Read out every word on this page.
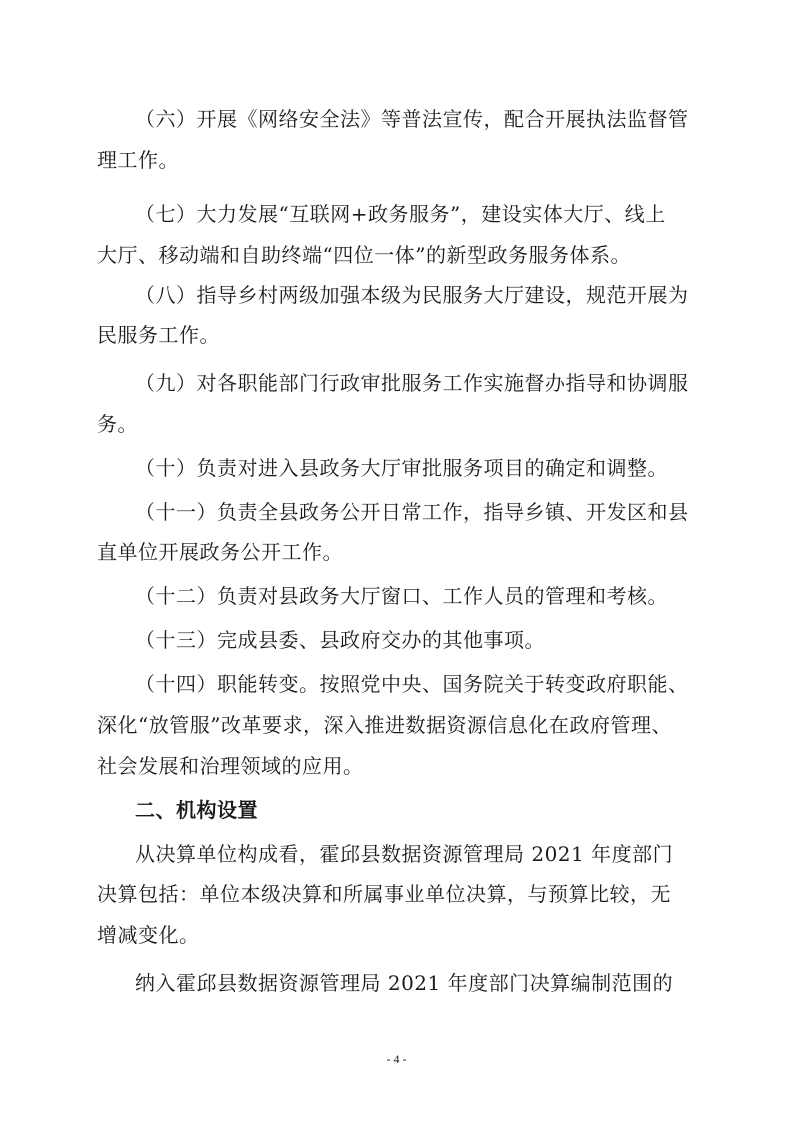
（六）开展《网络安全法》等普法宣传，配合开展执法监督管
理工作。
（七）大力发展“互联网+政务服务”，建设实体大厅、线上
大厅、移动端和自助终端“四位一体”的新型政务服务体系。
（八）指导乡村两级加强本级为民服务大厅建设，规范开展为
民服务工作。
（九）对各职能部门行政审批服务工作实施督办指导和协调服
务。
（十）负责对进入县政务大厅审批服务项目的确定和调整。
（十一）负责全县政务公开日常工作，指导乡镇、开发区和县
直单位开展政务公开工作。
（十二）负责对县政务大厅窗口、工作人员的管理和考核。
（十三）完成县委、县政府交办的其他事项。
（十四）职能转变。按照党中央、国务院关于转变政府职能、
深化“放管服”改革要求，深入推进数据资源信息化在政府管理、
社会发展和治理领域的应用。
二、机构设置
从决算单位构成看，霍邱县数据资源管理局 2021 年度部门
决算包括：单位本级决算和所属事业单位决算，与预算比较，无
增减变化。
纳入霍邱县数据资源管理局 2021 年度部门决算编制范围的
- 4 -
